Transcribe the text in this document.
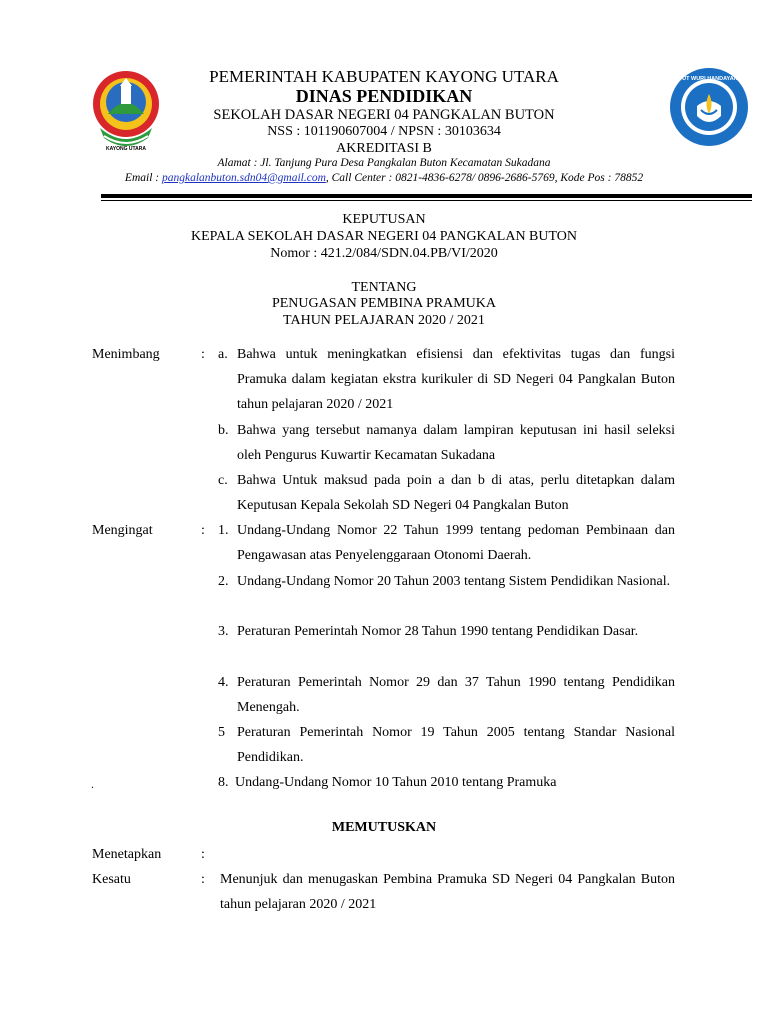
KAYONG UTARA
TUT WURI HANDAYANI
PEMERINTAH KABUPATEN KAYONG UTARA
DINAS PENDIDIKAN
SEKOLAH DASAR NEGERI 04 PANGKALAN BUTON
NSS : 101190607004 / NPSN : 30103634
AKREDITASI B
Alamat : Jl. Tanjung Pura Desa Pangkalan Buton Kecamatan Sukadana
Email : pangkalanbuton.sdn04@gmail.com, Call Center : 0821-4836-6278/ 0896-2686-5769, Kode Pos : 78852
KEPUTUSAN
KEPALA SEKOLAH DASAR NEGERI 04 PANGKALAN BUTON
Nomor : 421.2/084/SDN.04.PB/VI/2020
TENTANG
PENUGASAN PEMBINA PRAMUKA
TAHUN PELAJARAN 2020 / 2021
Menimbang	: a. Bahwa untuk meningkatkan efisiensi dan efektivitas tugas dan fungsi Pramuka dalam kegiatan ekstra kurikuler di SD Negeri 04 Pangkalan Buton tahun pelajaran 2020 / 2021
b. Bahwa yang tersebut namanya dalam lampiran keputusan ini hasil seleksi oleh Pengurus Kuwartir Kecamatan Sukadana
c. Bahwa Untuk maksud pada poin a dan b di atas, perlu ditetapkan dalam Keputusan Kepala Sekolah SD Negeri 04 Pangkalan Buton
Mengingat	: 1. Undang-Undang Nomor 22 Tahun 1999 tentang pedoman Pembinaan dan Pengawasan atas Penyelenggaraan Otonomi Daerah.
2. Undang-Undang Nomor 20 Tahun 2003 tentang Sistem Pendidikan Nasional.
3. Peraturan Pemerintah Nomor 28 Tahun 1990 tentang Pendidikan Dasar.
4. Peraturan Pemerintah Nomor 29 dan 37 Tahun 1990 tentang Pendidikan Menengah.
5 Peraturan Pemerintah Nomor 19 Tahun 2005 tentang Standar Nasional Pendidikan.
.	8. Undang-Undang Nomor 10 Tahun 2010 tentang Pramuka
MEMUTUSKAN
Menetapkan	:
Kesatu	: Menunjuk dan menugaskan Pembina Pramuka SD Negeri 04 Pangkalan Buton tahun pelajaran 2020 / 2021
